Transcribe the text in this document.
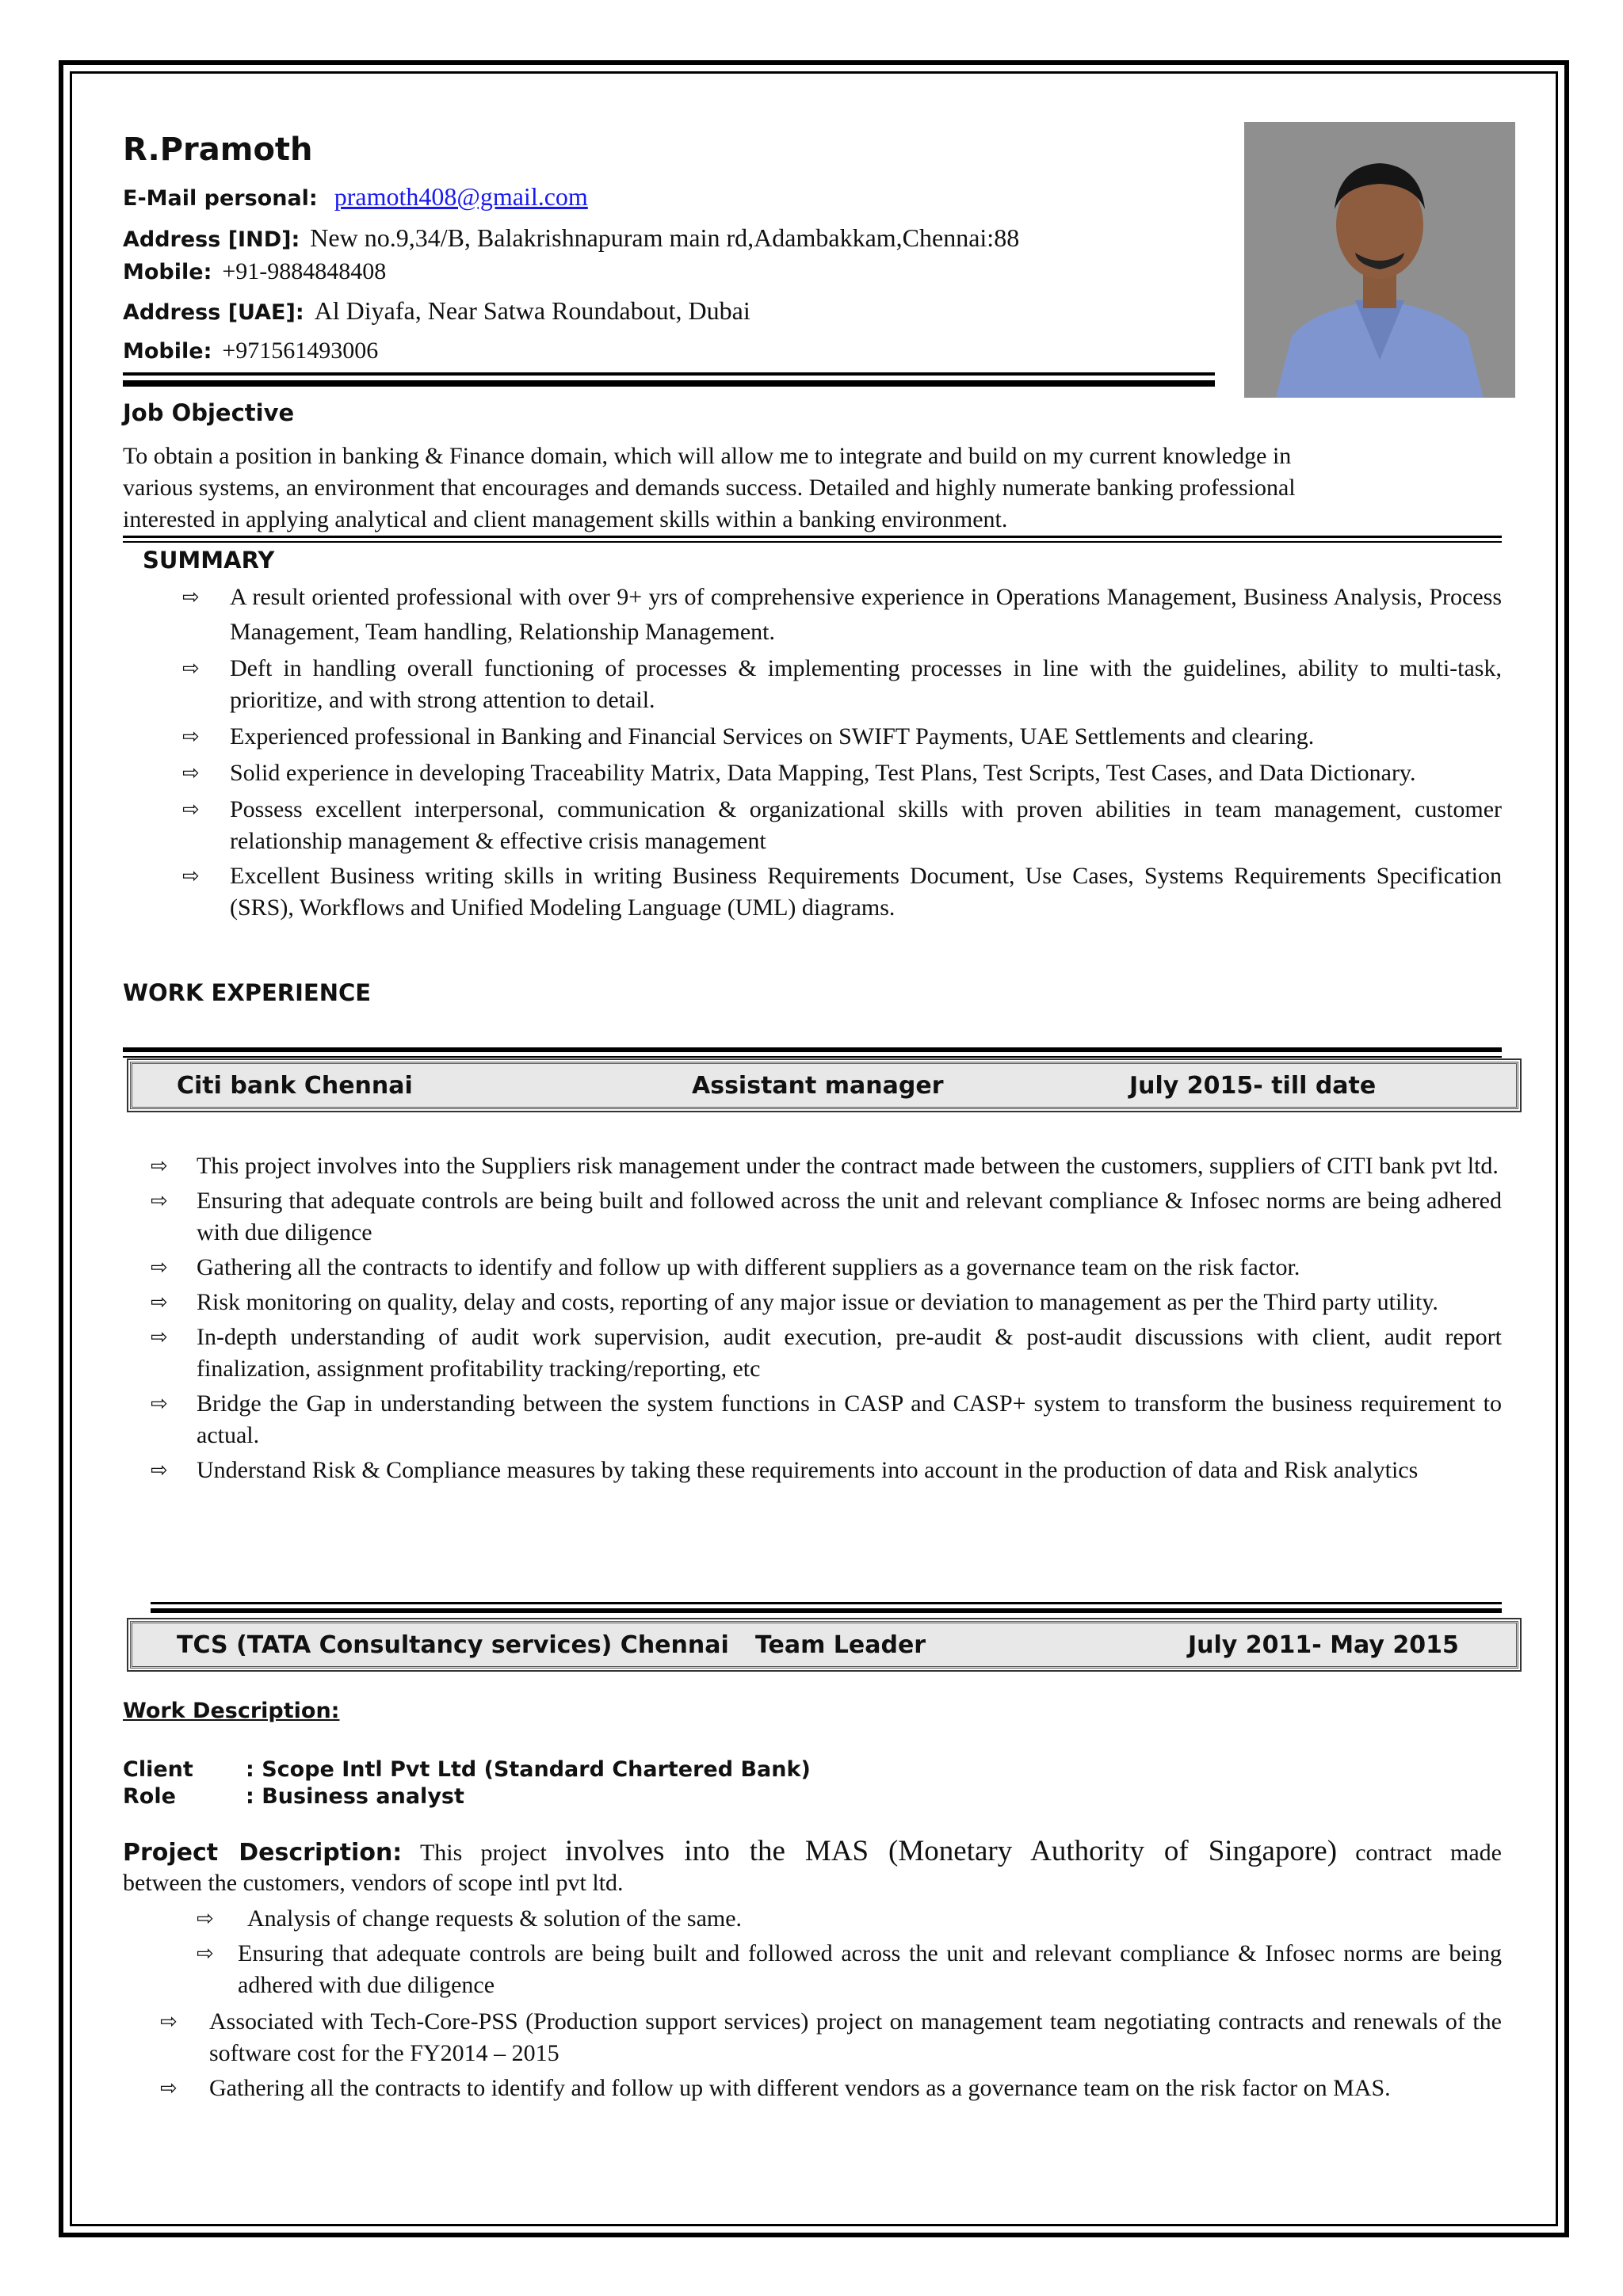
R.Pramoth
E-Mail personal: pramoth408@gmail.com
Address [IND]: New no.9,34/B, Balakrishnapuram main rd,Adambakkam,Chennai:88
Mobile: +91-9884848408
Address [UAE]: Al Diyafa, Near Satwa Roundabout, Dubai
Mobile: +971561493006
Job Objective
To obtain a position in banking & Finance domain, which will allow me to integrate and build on my current knowledge in
various systems, an environment that encourages and demands success. Detailed and highly numerate banking professional
interested in applying analytical and client management skills within a banking environment.
SUMMARY
⇨ A result oriented professional with over 9+ yrs of comprehensive experience in Operations Management, Business Analysis, Process Management, Team handling, Relationship Management.
⇨ Deft in handling overall functioning of processes & implementing processes in line with the guidelines, ability to multi-task, prioritize, and with strong attention to detail.
⇨ Experienced professional in Banking and Financial Services on SWIFT Payments, UAE Settlements and clearing.
⇨ Solid experience in developing Traceability Matrix, Data Mapping, Test Plans, Test Scripts, Test Cases, and Data Dictionary.
⇨ Possess excellent interpersonal, communication & organizational skills with proven abilities in team management, customer relationship management & effective crisis management
⇨ Excellent Business writing skills in writing Business Requirements Document, Use Cases, Systems Requirements Specification (SRS), Workflows and Unified Modeling Language (UML) diagrams.
WORK EXPERIENCE
Citi bank Chennai	Assistant manager	July 2015- till date
⇨ This project involves into the Suppliers risk management under the contract made between the customers, suppliers of CITI bank pvt ltd.
⇨ Ensuring that adequate controls are being built and followed across the unit and relevant compliance & Infosec norms are being adhered with due diligence
⇨ Gathering all the contracts to identify and follow up with different suppliers as a governance team on the risk factor.
⇨ Risk monitoring on quality, delay and costs, reporting of any major issue or deviation to management as per the Third party utility.
⇨ In-depth understanding of audit work supervision, audit execution, pre-audit & post-audit discussions with client, audit report finalization, assignment profitability tracking/reporting, etc
⇨ Bridge the Gap in understanding between the system functions in CASP and CASP+ system to transform the business requirement to actual.
⇨ Understand Risk & Compliance measures by taking these requirements into account in the production of data and Risk analytics
TCS (TATA Consultancy services) Chennai Team Leader	July 2011- May 2015
Work Description:
Client : Scope Intl Pvt Ltd (Standard Chartered Bank)
Role	: Business analyst
Project Description: This project involves into the MAS (Monetary Authority of Singapore) contract made
between the customers, vendors of scope intl pvt ltd.
⇨ Analysis of change requests & solution of the same.
⇨ Ensuring that adequate controls are being built and followed across the unit and relevant compliance & Infosec norms are being adhered with due diligence
⇨ Associated with Tech-Core-PSS (Production support services) project on management team negotiating contracts and renewals of the software cost for the FY2014 – 2015
⇨ Gathering all the contracts to identify and follow up with different vendors as a governance team on the risk factor on MAS.
